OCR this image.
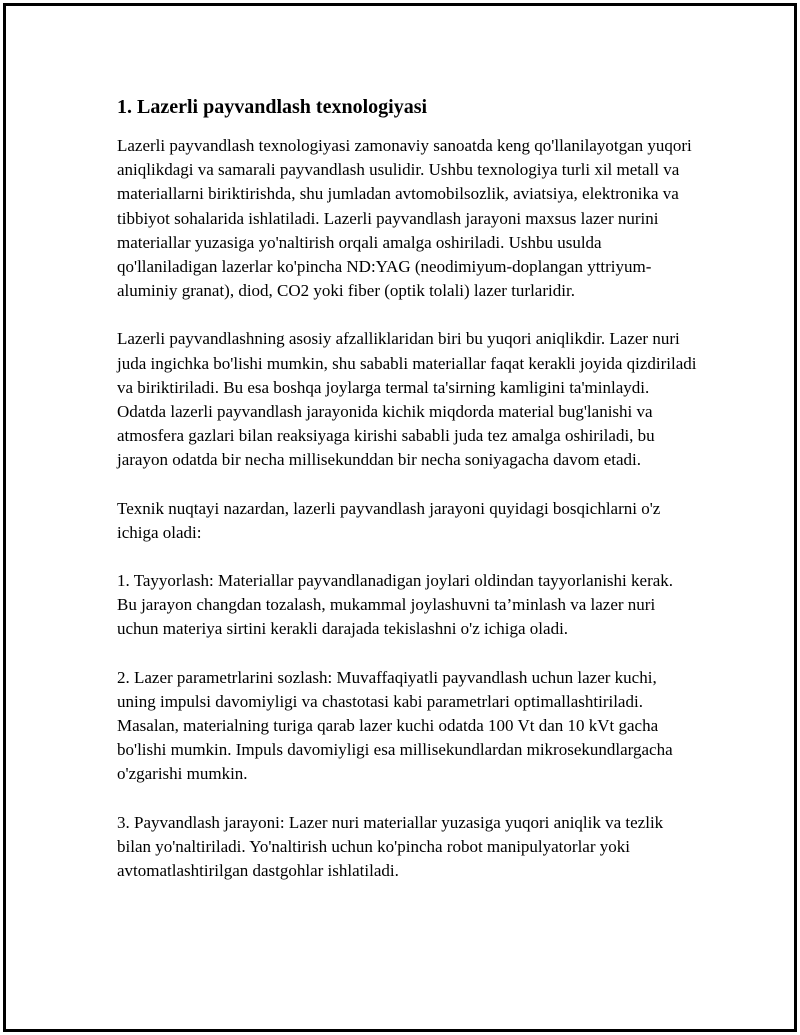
1. Lazerli payvandlash texnologiyasi

Lazerli payvandlash texnologiyasi zamonaviy sanoatda keng qo'llanilayotgan yuqori aniqlikdagi va samarali payvandlash usulidir. Ushbu texnologiya turli xil metall va materiallarni biriktirishda, shu jumladan avtomobilsozlik, aviatsiya, elektronika va tibbiyot sohalarida ishlatiladi. Lazerli payvandlash jarayoni maxsus lazer nurini materiallar yuzasiga yo'naltirish orqali amalga oshiriladi. Ushbu usulda qo'llaniladigan lazerlar ko'pincha ND:YAG (neodimiyum-doplangan yttriyum-aluminiy granat), diod, CO2 yoki fiber (optik tolali) lazer turlaridir.

Lazerli payvandlashning asosiy afzalliklaridan biri bu yuqori aniqlikdir. Lazer nuri juda ingichka bo'lishi mumkin, shu sababli materiallar faqat kerakli joyida qizdiriladi va biriktiriladi. Bu esa boshqa joylarga termal ta'sirning kamligini ta'minlaydi. Odatda lazerli payvandlash jarayonida kichik miqdorda material bug'lanishi va atmosfera gazlari bilan reaksiyaga kirishi sababli juda tez amalga oshiriladi, bu jarayon odatda bir necha millisekunddan bir necha soniyagacha davom etadi.

Texnik nuqtayi nazardan, lazerli payvandlash jarayoni quyidagi bosqichlarni o'z ichiga oladi:

1. Tayyorlash: Materiallar payvandlanadigan joylari oldindan tayyorlanishi kerak. Bu jarayon changdan tozalash, mukammal joylashuvni ta’minlash va lazer nuri uchun materiya sirtini kerakli darajada tekislashni o'z ichiga oladi.

2. Lazer parametrlarini sozlash: Muvaffaqiyatli payvandlash uchun lazer kuchi, uning impulsi davomiyligi va chastotasi kabi parametrlari optimallashtiriladi. Masalan, materialning turiga qarab lazer kuchi odatda 100 Vt dan 10 kVt gacha bo'lishi mumkin. Impuls davomiyligi esa millisekundlardan mikrosekundlargacha o'zgarishi mumkin.

3. Payvandlash jarayoni: Lazer nuri materiallar yuzasiga yuqori aniqlik va tezlik bilan yo'naltiriladi. Yo'naltirish uchun ko'pincha robot manipulyatorlar yoki avtomatlashtirilgan dastgohlar ishlatiladi.
